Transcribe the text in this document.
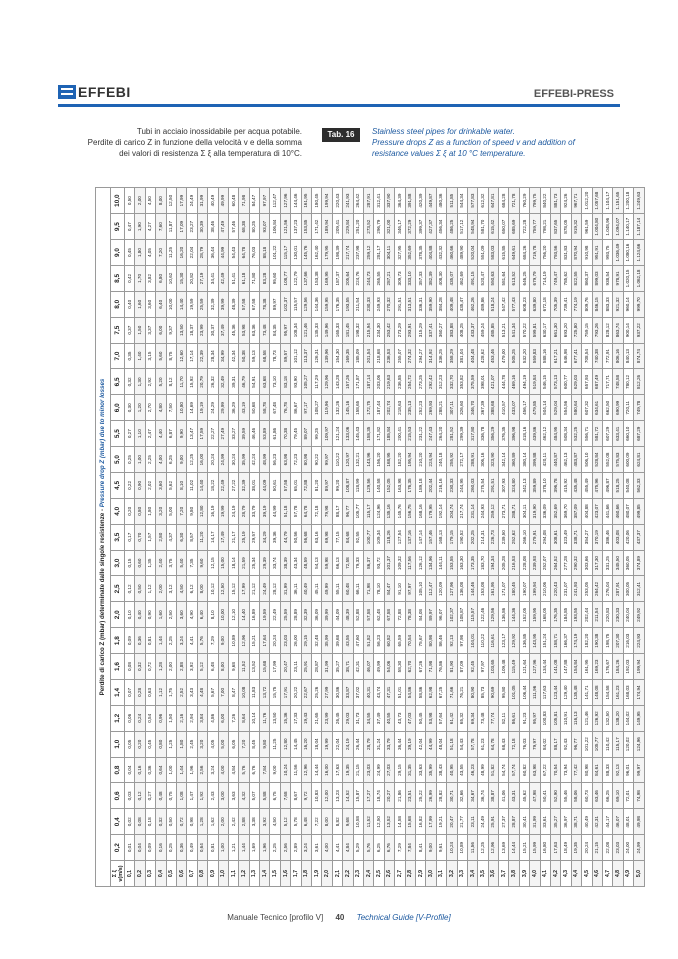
EFFEBI	EFFEBI-PRESS
Tubi in acciaio inossidabile per acqua potabile.
Perdite di carico Z in funzione della velocità v e della somma
dei valori di resistenza Σ ξ alla temperatura di 10°C.
Tab. 16	Stainless steel pipes for drinkable water.
Pressure drops Z as a function of speed v and addition of
resistance values Σ ξ at 10 °C temperature.
Perdite di carico Z (mbar) determinate dalle singole resistenze - Pressure drop Z (mbar) due to minor losses																										

Σ ξ v(m/s)	0,2	0,4	0,6	0,8	1,0	1,2	1,4	1,6	1,8	2,0	2,5	3,0	3,5	4,0	4,5	5,0	5,5	6,0	6,5	7,0	7,5	8,0	8,5	9,0	9,5	10,0
0,1	0,01	0,02	0,03	0,04	0,05	0,06	0,07	0,08	0,09	0,10	0,12	0,15	0,17	0,20	0,22	0,25	0,27	0,30	0,32	0,35	0,37	0,40	0,42	0,45	0,47	0,50
0,2	0,04	0,08	0,12	0,16	0,20	0,24	0,28	0,32	0,36	0,40	0,50	0,60	0,70	0,80	0,90	1,00	1,10	1,20	1,30	1,40	1,50	1,60	1,70	1,80	1,90	2,00
0,3	0,09	0,18	0,27	0,36	0,45	0,54	0,63	0,72	0,81	0,90	1,12	1,35	1,57	1,80	2,02	2,25	2,47	2,70	2,92	3,15	3,37	3,60	3,82	4,05	4,27	4,50
0,4	0,16	0,32	0,48	0,64	0,80	0,96	1,12	1,28	1,44	1,60	2,00	2,40	2,80	3,20	3,60	4,00	4,40	4,80	5,20	5,60	6,00	6,40	6,80	7,20	7,60	8,00
0,5	0,25	0,50	0,75	1,00	1,25	1,50	1,75	2,00	2,25	2,50	3,12	3,75	4,37	5,00	5,62	6,25	6,87	7,50	8,12	8,75	9,37	10,00	10,62	11,25	11,87	12,50
0,6	0,36	0,72	1,08	1,44	1,80	2,16	2,52	2,88	3,24	3,60	4,50	5,40	6,30	7,20	8,10	9,00	9,90	10,80	11,70	12,60	13,50	14,40	15,30	16,20	17,09	17,99
0,7	0,49	0,98	1,47	1,96	2,45	2,94	3,43	3,92	4,41	4,90	6,12	7,35	8,57	9,80	11,02	12,25	13,47	14,69	15,92	17,14	18,37	19,59	20,82	22,04	23,27	24,49
0,8	0,64	1,28	1,92	2,56	3,20	3,84	4,48	5,12	5,76	6,40	8,00	9,60	11,20	12,80	14,40	16,00	17,59	19,19	20,79	22,39	23,99	25,59	27,19	28,79	30,39	31,99
0,9	0,81	1,62	2,43	3,24	4,05	4,86	5,67	6,48	7,29	8,10	10,12	12,15	14,17	16,19	18,22	20,24	22,27	24,29	26,32	28,34	30,37	32,39	34,41	36,44	38,46	40,49
1,0	1,00	2,00	3,00	4,00	5,00	6,00	7,00	8,00	9,00	10,00	12,50	15,00	17,49	19,99	22,49	24,99	27,49	29,99	32,49	34,99	37,49	39,99	42,49	44,99	47,49	49,99
1,1	1,21	2,42	3,63	4,84	6,05	7,26	8,47	9,68	10,89	12,10	15,12	18,14	21,17	24,19	27,22	30,24	33,27	36,29	39,31	42,34	45,36	48,39	51,41	54,43	57,46	60,48
1,2	1,44	2,88	4,32	5,76	7,20	8,64	10,08	11,52	12,96	14,40	17,99	21,59	25,19	28,79	32,39	35,99	39,59	43,19	46,79	50,38	53,98	57,58	61,18	64,78	68,38	71,98
1,3	1,69	3,38	5,07	6,76	8,45	10,14	11,83	13,52	15,21	16,89	21,12	25,34	29,57	33,79	38,01	42,24	46,46	50,68	54,91	59,13	63,36	67,58	71,80	76,03	80,25	84,47
1,4	1,96	3,92	5,88	7,84	9,80	11,76	13,72	15,68	17,64	19,59	24,49	29,39	34,29	39,19	44,09	48,99	53,89	58,78	63,68	68,58	73,48	78,38	83,28	88,18	93,07	97,97
1,5	2,25	4,50	6,75	9,00	11,25	13,50	15,75	17,99	20,24	22,49	28,12	33,74	39,36	44,99	50,61	56,23	61,86	67,48	73,10	78,73	84,35	89,97	95,60	101,22	106,84	112,47
1,6	2,56	5,12	7,68	10,24	12,80	15,36	17,91	20,47	23,03	25,59	31,99	38,39	44,79	51,18	57,58	63,98	70,38	76,78	83,18	89,57	95,97	102,37	108,77	115,17	121,56	127,96
1,7	2,89	5,78	8,67	11,56	14,45	17,33	20,22	23,11	26,00	28,89	36,11	43,34	50,56	57,78	65,01	72,23	79,45	86,67	93,90	101,12	108,34	115,57	122,79	130,01	137,23	144,46
1,8	3,24	6,48	9,72	12,96	16,20	19,43	22,67	25,91	29,15	32,39	40,49	48,59	56,68	64,78	72,88	80,98	89,07	97,17	105,27	113,37	121,46	129,56	137,66	145,76	153,85	161,95
1,9	3,61	7,22	10,83	14,44	18,04	21,65	25,26	28,87	32,48	36,09	45,11	54,13	63,16	72,18	81,20	90,22	99,25	108,27	117,29	126,31	135,33	144,36	153,38	162,40	171,42	180,45
2,0	4,00	8,00	12,00	16,00	19,99	23,99	27,99	31,99	35,99	39,99	49,99	59,98	69,98	79,98	89,97	99,97	109,97	119,96	129,96	139,96	149,96	159,95	169,95	179,95	189,94	199,94
2,1	4,41	8,82	13,23	17,63	22,04	26,45	30,86	35,27	39,68	44,09	55,11	66,13	77,15	88,17	99,20	110,22	121,24	132,26	143,28	154,30	165,33	176,35	187,37	198,39	209,41	220,43
2,2	4,84	9,68	14,52	19,35	24,19	29,03	33,87	38,71	43,55	48,39	60,48	72,58	84,68	96,77	108,87	120,97	133,06	145,16	157,26	169,35	181,45	193,55	205,64	217,74	229,84	241,93
2,3	5,29	10,58	15,87	21,15	26,44	31,73	37,02	42,31	47,60	52,88	66,11	79,33	92,55	105,77	118,99	132,21	145,43	158,65	171,87	185,09	198,32	211,54	224,76	237,98	251,20	264,42
2,4	5,76	11,52	17,27	23,03	28,79	34,55	40,31	46,07	51,82	57,58	71,98	86,37	100,77	115,17	129,56	143,96	158,35	172,75	187,14	201,54	215,94	230,33	244,73	259,12	273,52	287,91
2,5	6,25	12,50	18,74	24,99	31,24	37,49	43,74	49,99	56,23	62,48	78,10	93,72	109,34	124,96	140,58	156,20	171,82	187,44	203,06	218,68	234,30	249,93	265,55	281,17	296,79	312,41
2,6	6,76	13,52	20,27	27,03	33,79	40,55	47,31	54,06	60,82	67,58	84,47	101,37	118,26	135,16	152,05	168,95	185,84	202,74	219,63	236,53	253,42	270,32	287,21	304,11	321,00	337,90
2,7	7,29	14,58	21,86	29,15	36,44	43,73	51,01	58,30	65,59	72,88	91,10	109,32	127,54	145,76	163,98	182,20	200,41	218,63	236,85	255,07	273,29	291,51	309,73	327,95	346,17	364,39
2,8	7,84	15,68	23,51	31,35	39,19	47,03	54,86	62,70	70,54	78,38	97,97	117,56	137,16	156,75	176,35	195,94	215,53	235,13	254,72	274,32	293,91	313,51	333,10	352,69	372,29	391,88
2,9	8,41	16,82	25,22	33,63	42,04	50,45	58,86	67,26	75,67	84,08	105,10	126,12	147,14	168,16	189,18	210,20	231,22	252,23	273,25	294,27	315,29	336,31	357,33	378,35	399,37	420,39
3,0	9,00	17,99	26,99	35,99	44,99	53,98	62,98	71,98	80,98	89,97	112,47	134,96	157,46	179,95	202,44	224,94	247,43	269,93	292,42	314,92	337,41	359,90	382,39	404,88	427,37	449,87
3,1	9,61	19,21	28,82	38,43	48,04	57,64	67,25	76,86	86,46	96,07	120,09	144,11	168,13	192,14	216,16	240,18	264,20	288,21	312,23	336,25	360,27	384,28	408,30	432,32	456,34	480,36
3,2	10,24	20,47	30,71	40,95	51,18	61,42	71,66	81,90	92,13	102,37	127,96	153,55	179,15	204,74	230,33	255,92	281,52	307,11	332,70	358,29	383,88	409,48	435,07	460,66	486,25	511,85
3,3	10,89	21,77	32,66	43,55	54,43	65,32	76,21	87,09	97,98	108,87	136,08	163,30	190,52	217,74	244,95	272,17	299,39	326,60	353,82	381,04	408,25	435,47	462,69	489,90	517,12	544,34
3,4	11,56	23,11	34,67	46,23	57,78	69,34	80,90	92,45	104,01	115,57	144,46	173,35	202,25	231,14	260,03	288,91	317,80	346,70	375,59	404,48	433,37	462,26	491,15	520,04	548,94	577,83
3,5	12,25	24,49	36,74	48,99	61,23	73,48	85,73	97,97	110,22	122,46	153,08	183,70	214,31	244,93	275,54	306,16	336,78	367,39	398,01	428,62	459,24	489,86	520,47	551,09	581,70	612,32
3,6	12,96	25,91	38,87	51,82	64,78	77,74	90,69	103,65	116,61	129,56	161,95	194,34	226,73	259,12	291,51	323,90	356,29	388,68	421,07	453,46	485,85	518,24	550,63	583,03	615,42	647,81
3,7	13,69	27,37	41,06	54,74	68,43	82,11	95,80	109,48	123,17	136,86	171,07	205,28	239,50	273,71	307,93	342,14	376,35	410,57	444,78	479,00	513,21	547,42	581,64	615,85	650,07	684,28
3,8	14,44	28,87	43,31	57,74	72,18	86,61	101,05	115,49	129,92	144,36	180,45	216,53	252,62	288,71	324,80	360,89	396,98	433,07	469,16	505,25	541,34	577,43	613,52	649,61	685,69	721,78
3,9	15,21	30,41	45,62	60,82	76,03	91,23	106,44	121,64	136,85	152,05	190,07	228,08	266,10	304,11	342,13	380,14	418,16	456,17	494,19	532,20	570,22	608,23	646,25	684,26	722,28	760,29
4,0	15,99	31,99	47,98	63,98	79,97	95,97	111,96	127,96	143,95	159,95	199,94	239,93	279,91	319,90	359,89	399,88	439,86	479,85	519,84	559,83	599,81	639,80	679,79	719,78	759,77	799,75
4,1	16,80	33,61	50,41	67,22	84,02	100,83	117,63	134,44	151,24	168,05	210,06	252,07	294,08	336,09	378,10	420,11	462,12	504,14	546,15	588,16	630,17	672,18	714,19	756,20	798,21	840,22
4,2	17,63	35,27	52,90	70,54	88,17	105,81	123,44	141,08	158,71	176,35	220,43	264,52	308,61	352,69	396,78	440,87	484,95	529,04	573,13	617,21	661,30	705,39	749,47	793,56	837,65	881,73
4,3	18,49	36,97	55,46	73,94	92,43	110,91	129,40	147,88	166,37	184,85	231,07	277,28	323,49	369,70	415,92	462,13	508,34	554,56	600,77	646,98	693,20	739,41	785,62	831,83	878,05	924,26
4,4	19,35	38,71	58,06	77,42	96,77	116,13	135,48	154,84	174,19	193,55	241,93	290,32	338,71	387,09	435,48	483,87	532,25	580,64	629,03	677,41	725,80	774,19	822,55	870,94	919,32	967,71
4,5	20,24	40,49	60,73	80,98	101,22	121,46	141,71	161,95	182,20	202,44	253,05	303,66	354,27	404,88	455,49	506,10	556,71	607,32	657,93	708,54	759,15	809,76	860,37	910,98	961,59	1.012,20
4,6	21,15	42,31	63,46	84,61	105,77	126,92	148,08	169,23	190,38	211,54	264,42	317,30	370,19	423,07	475,96	528,84	581,72	634,61	687,49	740,38	793,26	846,15	899,03	951,91	1.004,80	1.057,68
4,7	22,08	44,17	66,25	88,33	110,42	132,50	154,58	176,67	198,75	220,83	276,04	331,25	386,46	441,66	496,87	552,08	607,29	662,50	717,71	772,91	828,12	883,33	938,54	993,75	1.048,96	1.104,17
4,8	23,03	46,07	69,10	92,13	115,17	138,20	161,23	184,26	207,30	230,33	287,91	345,50	403,08	460,66	518,25	575,83	633,41	690,99	748,58	806,16	863,74	921,32	978,91	1.036,49	1.094,07	1.151,65
4,9	24,00	48,01	72,01	96,01	120,02	144,02	168,03	192,03	216,03	240,04	300,05	360,05	420,06	480,07	540,08	600,09	660,10	720,11	780,12	840,13	900,14	960,14	1.020,15	1.080,16	1.140,17	1.200,18
5,0	24,99	49,98	74,98	99,97	124,96	149,95	174,94	199,94	224,93	249,92	312,41	374,89	437,37	499,85	562,33	624,81	687,29	749,78	812,26	874,74	937,22	999,70	1.062,18	1.124,66	1.187,14	1.249,63
Manuale Tecnico [profilo V] 40 Technical Guide [V-Profile]
